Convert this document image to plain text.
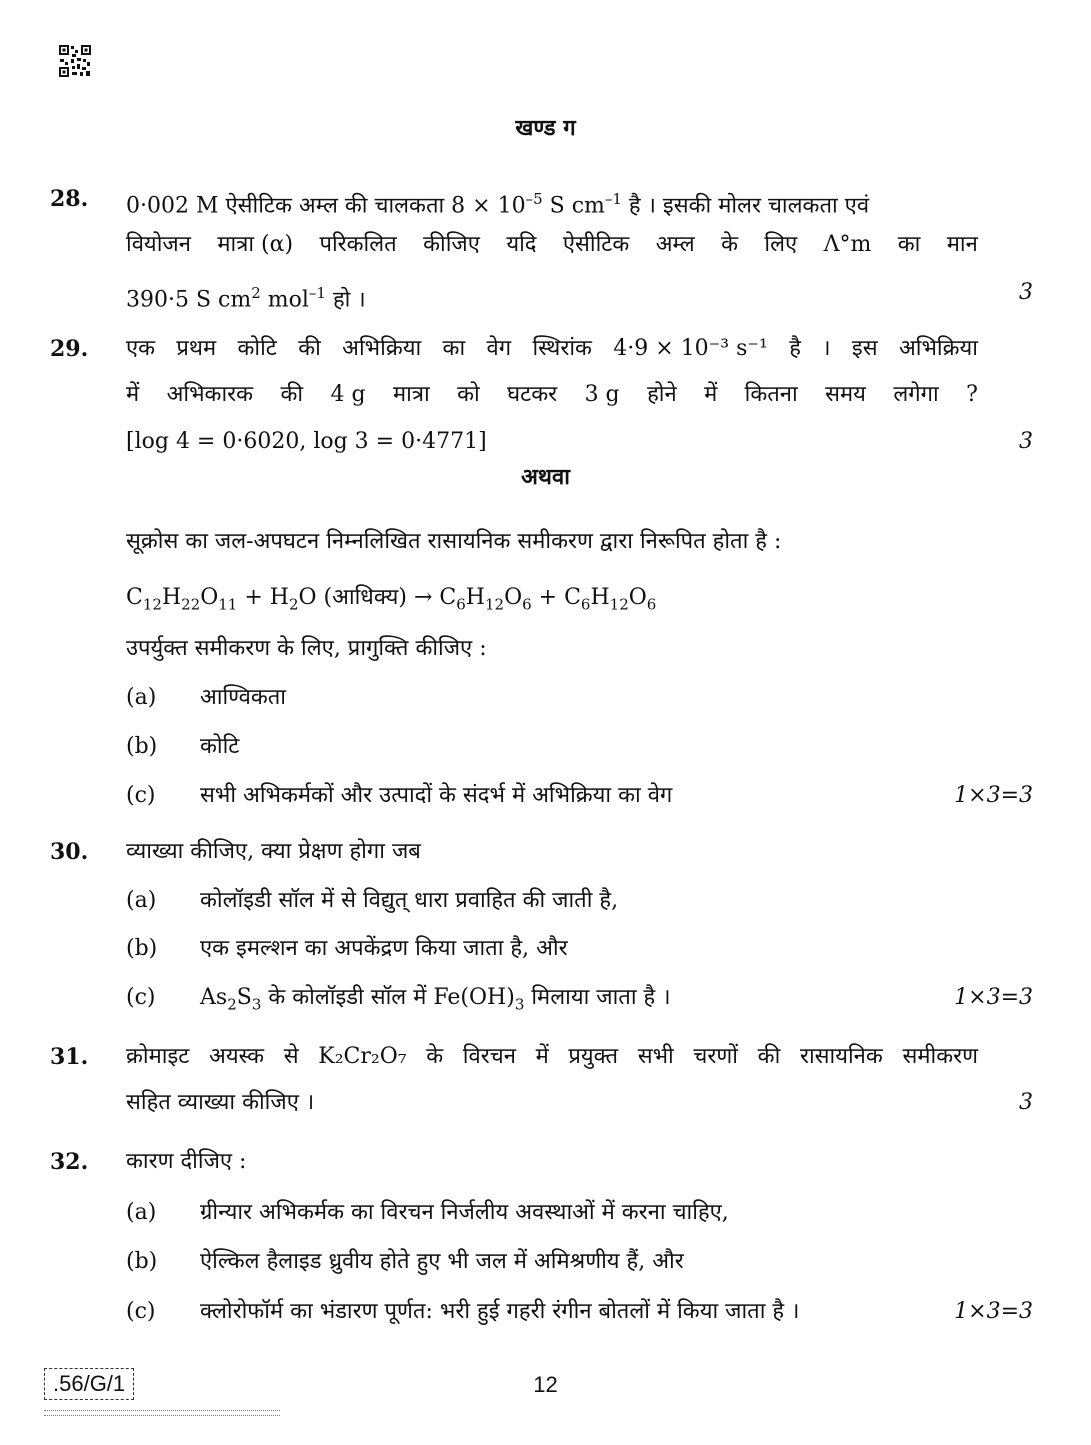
खण्ड ग
28. 0·002 M ऐसीटिक अम्ल की चालकता $8 \times 10^{-5}$ S $cm^{-1}$ है । इसकी मोलर चालकता एवं
वियोजन मात्रा (α) परिकलित कीजिए यदि ऐसीटिक अम्ल के लिए Λ°m का मान
390·5 S $cm^2$ mol$^{-1}$ हो ।	3
29. एक प्रथम कोटि की अभिक्रिया का वेग स्थिरांक 4·9 × 10⁻³ s⁻¹ है । इस अभिक्रिया
में अभिकारक की 4 g मात्रा को घटकर 3 g होने में कितना समय लगेगा ?
[log 4 = 0·6020, log 3 = 0·4771]	3
अथवा
सूक्रोस का जल-अपघटन निम्नलिखित रासायनिक समीकरण द्वारा निरूपित होता है :
$C_{12}H_{22}O_{11} + H_2O$ (आधिक्य) → $C_6H_{12}O_6 + C_6H_{12}O_6$
उपर्युक्त समीकरण के लिए, प्रागुक्ति कीजिए :
(a) आण्विकता
(b) कोटि
(c) सभी अभिकर्मकों और उत्पादों के संदर्भ में अभिक्रिया का वेग	1×3=3
30. व्याख्या कीजिए, क्या प्रेक्षण होगा जब
(a) कोलॉइडी सॉल में से विद्युत् धारा प्रवाहित की जाती है,
(b) एक इमल्शन का अपकेंद्रण किया जाता है, और
(c) $As_2S_3$ के कोलॉइडी सॉल में $Fe(OH)_3$ मिलाया जाता है ।	1×3=3
31. क्रोमाइट अयस्क से K₂Cr₂O₇ के विरचन में प्रयुक्त सभी चरणों की रासायनिक समीकरण
सहित व्याख्या कीजिए ।	3
32. कारण दीजिए :
(a) ग्रीन्यार अभिकर्मक का विरचन निर्जलीय अवस्थाओं में करना चाहिए,
(b) ऐल्किल हैलाइड ध्रुवीय होते हुए भी जल में अमिश्रणीय हैं, और
(c) क्लोरोफॉर्म का भंडारण पूर्णत: भरी हुई गहरी रंगीन बोतलों में किया जाता है ।	1×3=3
.56/G/1	12
